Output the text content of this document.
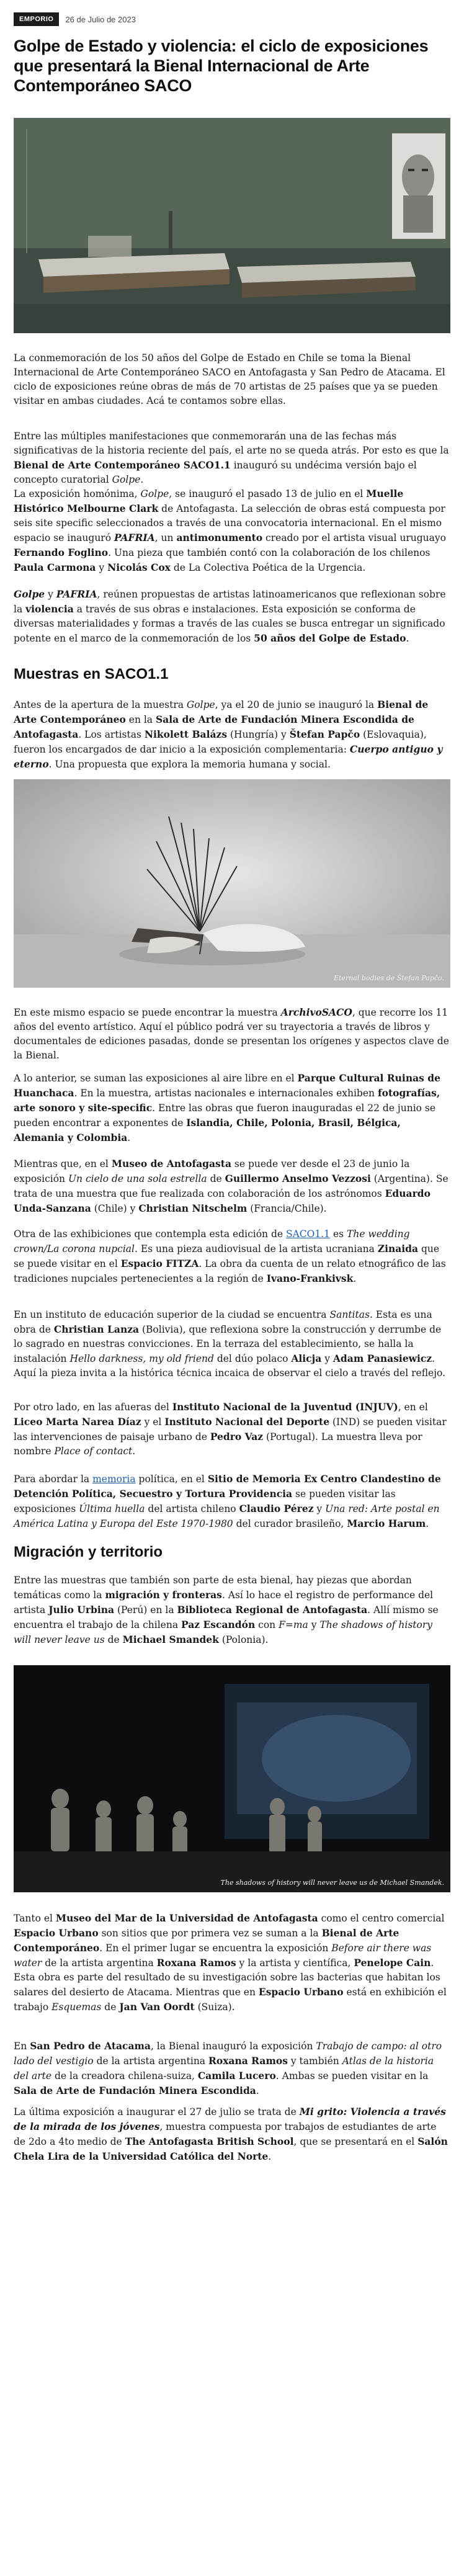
EMPORIO	26 de Julio de 2023
Golpe de Estado y violencia: el ciclo de exposiciones que presentará la Bienal Internacional de Arte Contemporáneo SACO

La conmemoración de los 50 años del Golpe de Estado en Chile se toma la Bienal Internacional de Arte Contemporáneo SACO en Antofagasta y San Pedro de Atacama. El ciclo de exposiciones reúne obras de más de 70 artistas de 25 países que ya se pueden visitar en ambas ciudades. Acá te contamos sobre ellas.

Entre las múltiples manifestaciones que conmemorarán una de las fechas más significativas de la historia reciente del país, el arte no se queda atrás. Por esto es que la Bienal de Arte Contemporáneo SACO1.1 inauguró su undécima versión bajo el concepto curatorial Golpe.

La exposición homónima, Golpe, se inauguró el pasado 13 de julio en el Muelle Histórico Melbourne Clark de Antofagasta. La selección de obras está compuesta por seis site specific seleccionados a través de una convocatoria internacional. En el mismo espacio se inauguró PAFRIA, un antimonumento creado por el artista visual uruguayo Fernando Foglino. Una pieza que también contó con la colaboración de los chilenos Paula Carmona y Nicolás Cox de La Colectiva Poética de la Urgencia.

Golpe y PAFRIA, reúnen propuestas de artistas latinoamericanos que reflexionan sobre la violencia a través de sus obras e instalaciones. Esta exposición se conforma de diversas materialidades y formas a través de las cuales se busca entregar un significado potente en el marco de la conmemoración de los 50 años del Golpe de Estado.

Muestras en SACO1.1

Antes de la apertura de la muestra Golpe, ya el 20 de junio se inauguró la Bienal de Arte Contemporáneo en la Sala de Arte de Fundación Minera Escondida de Antofagasta. Los artistas Nikolett Balázs (Hungría) y Štefan Papčo (Eslovaquia), fueron los encargados de dar inicio a la exposición complementaria: Cuerpo antiguo y eterno. Una propuesta que explora la memoria humana y social.

Eternal bodies de Štefan Papčo.

En este mismo espacio se puede encontrar la muestra ArchivoSACO, que recorre los 11 años del evento artístico. Aquí el público podrá ver su trayectoria a través de libros y documentales de ediciones pasadas, donde se presentan los orígenes y aspectos clave de la Bienal.

A lo anterior, se suman las exposiciones al aire libre en el Parque Cultural Ruinas de Huanchaca. En la muestra, artistas nacionales e internacionales exhiben fotografías, arte sonoro y site-specific. Entre las obras que fueron inauguradas el 22 de junio se pueden encontrar a exponentes de Islandia, Chile, Polonia, Brasil, Bélgica, Alemania y Colombia.

Mientras que, en el Museo de Antofagasta se puede ver desde el 23 de junio la exposición Un cielo de una sola estrella de Guillermo Anselmo Vezzosi (Argentina). Se trata de una muestra que fue realizada con colaboración de los astrónomos Eduardo Unda-Sanzana (Chile) y Christian Nitschelm (Francia/Chile).

Otra de las exhibiciones que contempla esta edición de SACO1.1 es The wedding crown/La corona nupcial. Es una pieza audiovisual de la artista ucraniana Zinaida que se puede visitar en el Espacio FITZA. La obra da cuenta de un relato etnográfico de las tradiciones nupciales pertenecientes a la región de Ivano-Frankivsk.

En un instituto de educación superior de la ciudad se encuentra Santitas. Esta es una obra de Christian Lanza (Bolivia), que reflexiona sobre la construcción y derrumbe de lo sagrado en nuestras convicciones. En la terraza del establecimiento, se halla la instalación Hello darkness, my old friend del dúo polaco Alicja y Adam Panasiewicz. Aquí la pieza invita a la histórica técnica incaica de observar el cielo a través del reflejo.

Por otro lado, en las afueras del Instituto Nacional de la Juventud (INJUV), en el Liceo Marta Narea Díaz y el Instituto Nacional del Deporte (IND) se pueden visitar las intervenciones de paisaje urbano de Pedro Vaz (Portugal). La muestra lleva por nombre Place of contact.

Para abordar la memoria política, en el Sitio de Memoria Ex Centro Clandestino de Detención Política, Secuestro y Tortura Providencia se pueden visitar las exposiciones Última huella del artista chileno Claudio Pérez y Una red: Arte postal en América Latina y Europa del Este 1970-1980 del curador brasileño, Marcio Harum.

Migración y territorio

Entre las muestras que también son parte de esta bienal, hay piezas que abordan temáticas como la migración y fronteras. Así lo hace el registro de performance del artista Julio Urbina (Perú) en la Biblioteca Regional de Antofagasta. Allí mismo se encuentra el trabajo de la chilena Paz Escandón con F=ma y The shadows of history will never leave us de Michael Smandek (Polonia).

The shadows of history will never leave us de Michael Smandek.

Tanto el Museo del Mar de la Universidad de Antofagasta como el centro comercial Espacio Urbano son sitios que por primera vez se suman a la Bienal de Arte Contemporáneo. En el primer lugar se encuentra la exposición Before air there was water de la artista argentina Roxana Ramos y la artista y científica, Penelope Cain. Esta obra es parte del resultado de su investigación sobre las bacterias que habitan los salares del desierto de Atacama. Mientras que en Espacio Urbano está en exhibición el trabajo Esquemas de Jan Van Oordt (Suiza).

En San Pedro de Atacama, la Bienal inauguró la exposición Trabajo de campo: al otro lado del vestigio de la artista argentina Roxana Ramos y también Atlas de la historia del arte de la creadora chilena-suiza, Camila Lucero. Ambas se pueden visitar en la Sala de Arte de Fundación Minera Escondida.

La última exposición a inaugurar el 27 de julio se trata de Mi grito: Violencia a través de la mirada de los jóvenes, muestra compuesta por trabajos de estudiantes de arte de 2do a 4to medio de The Antofagasta British School, que se presentará en el Salón Chela Lira de la Universidad Católica del Norte.
